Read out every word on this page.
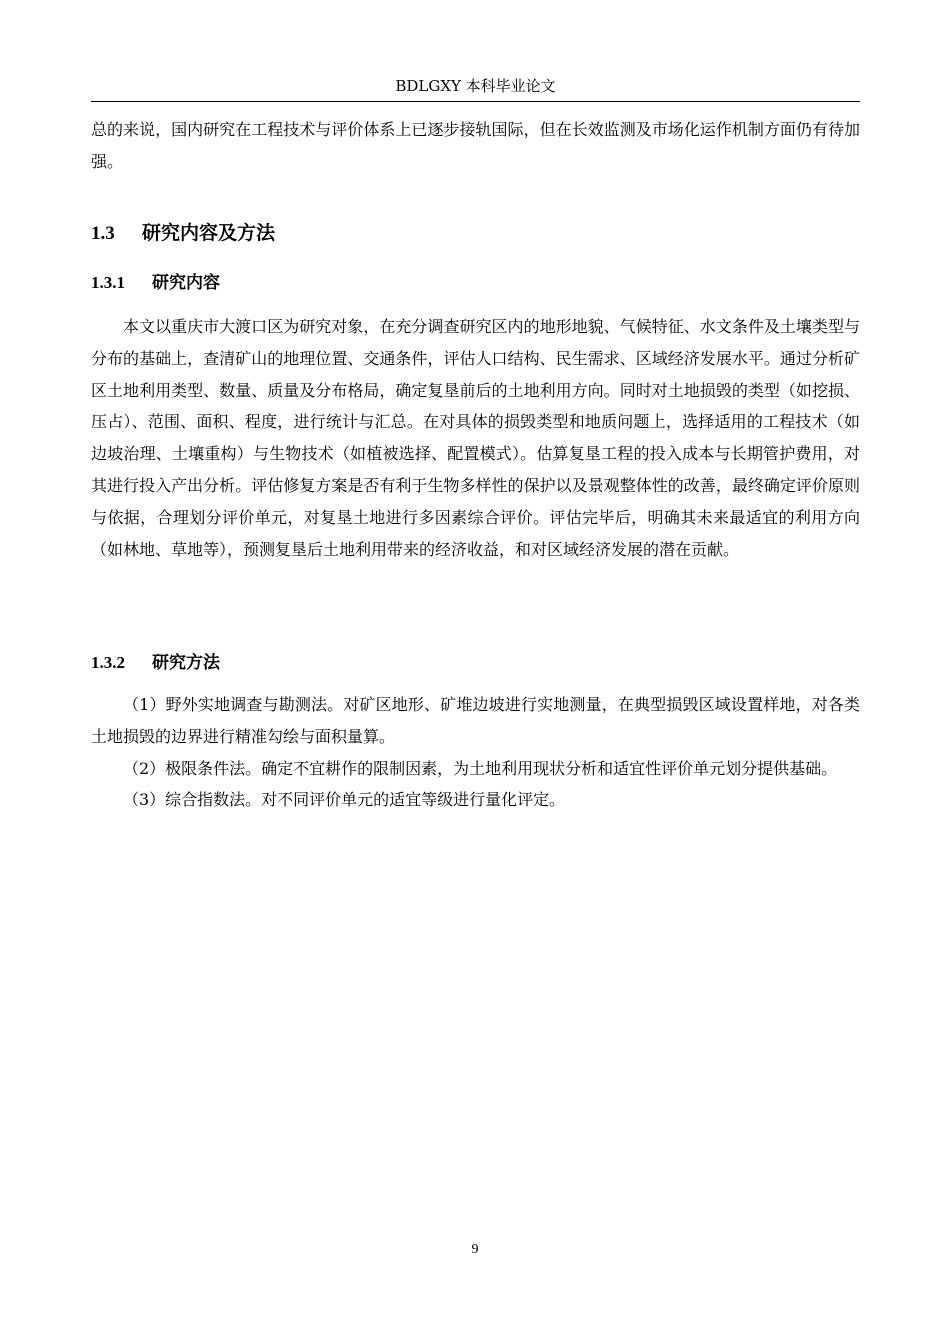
BDLGXY 本科毕业论文

总的来说，国内研究在工程技术与评价体系上已逐步接轨国际，但在长效监测及市场化运作机制方面仍有待加强。

1.3 研究内容及方法
1.3.1 研究内容

本文以重庆市大渡口区为研究对象，在充分调查研究区内的地形地貌、气候特征、水文条件及土壤类型与分布的基础上，查清矿山的地理位置、交通条件，评估人口结构、民生需求、区域经济发展水平。通过分析矿区土地利用类型、数量、质量及分布格局，确定复垦前后的土地利用方向。同时对土地损毁的类型（如挖损、压占）、范围、面积、程度，进行统计与汇总。在对具体的损毁类型和地质问题上，选择适用的工程技术（如边坡治理、土壤重构）与生物技术（如植被选择、配置模式）。估算复垦工程的投入成本与长期管护费用，对其进行投入产出分析。评估修复方案是否有利于生物多样性的保护以及景观整体性的改善，最终确定评价原则与依据，合理划分评价单元，对复垦土地进行多因素综合评价。评估完毕后，明确其未来最适宜的利用方向（如林地、草地等），预测复垦后土地利用带来的经济收益，和对区域经济发展的潜在贡献。

1.3.2 研究方法

（1）野外实地调查与勘测法。对矿区地形、矿堆边坡进行实地测量，在典型损毁区域设置样地，对各类土地损毁的边界进行精准勾绘与面积量算。

（2）极限条件法。确定不宜耕作的限制因素，为土地利用现状分析和适宜性评价单元划分提供基础。

（3）综合指数法。对不同评价单元的适宜等级进行量化评定。

9
